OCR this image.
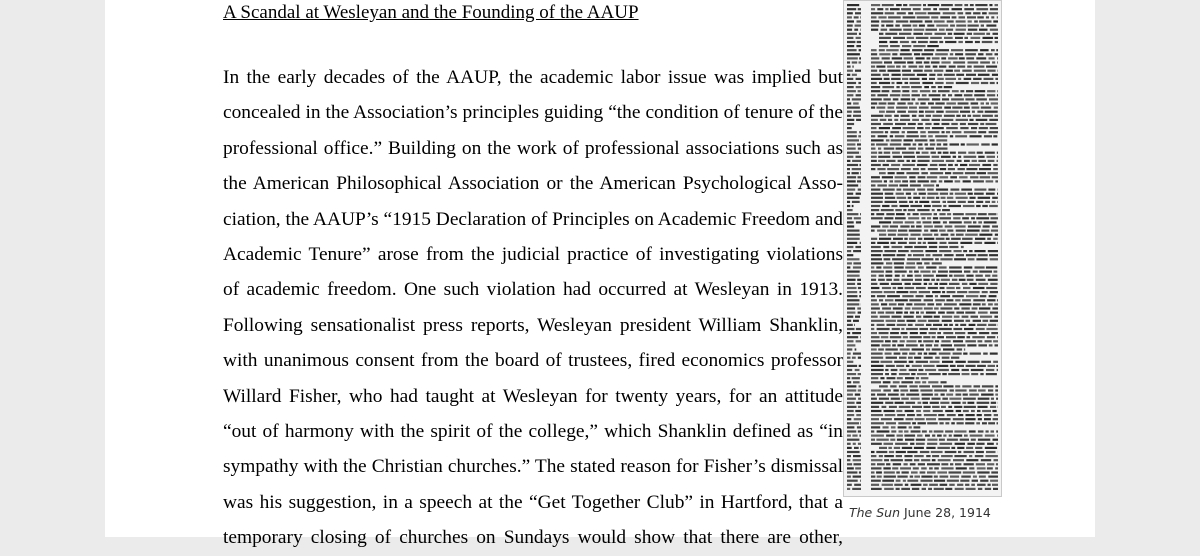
A Scandal at Wesleyan and the Founding of the AAUP
In the early decades of the AAUP, the academic labor issue was implied but
concealed in the Association’s principles guiding “the condition of tenure of the
professional office.” Building on the work of professional associations such as
the American Philosophical Association or the American Psychological Asso-
ciation, the AAUP’s “1915 Declaration of Principles on Academic Freedom and
Academic Tenure” arose from the judicial practice of investigating violations
of academic freedom. One such violation had occurred at Wesleyan in 1913.
Following sensationalist press reports, Wesleyan president William Shanklin,
with unanimous consent from the board of trustees, fired economics professor
Willard Fisher, who had taught at Wesleyan for twenty years, for an attitude
“out of harmony with the spirit of the college,” which Shanklin defined as “in
sympathy with the Christian churches.” The stated reason for Fisher’s dismissal
was his suggestion, in a speech at the “Get Together Club” in Hartford, that a
temporary closing of churches on Sundays would show that there are other,
The Sun June 28, 1914
